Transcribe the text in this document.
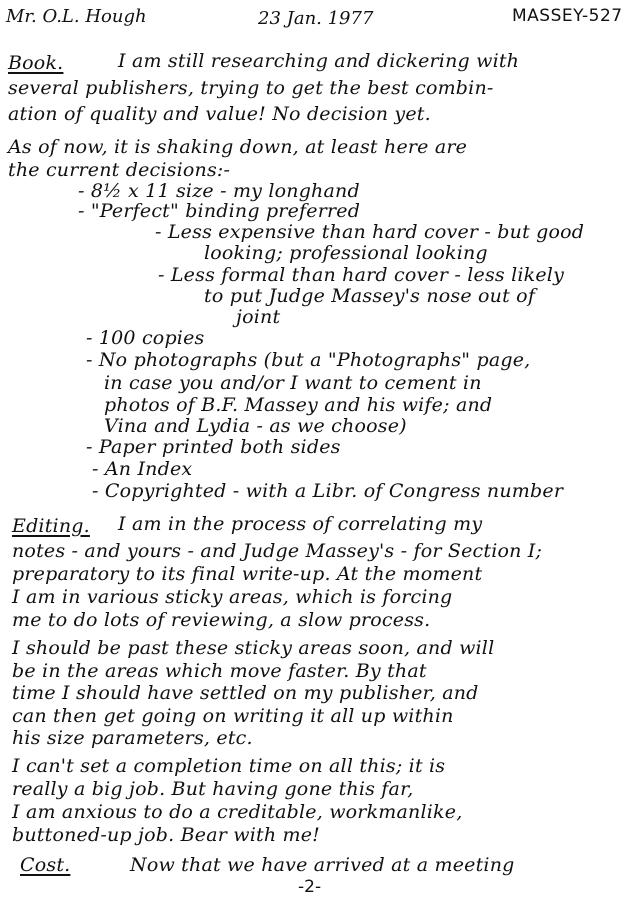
Mr. O.L. Hough	23 Jan. 1977	MASSEY-527
Book.	I am still researching and dickering with
several publishers, trying to get the best combin-
ation of quality and value! No decision yet.
As of now, it is shaking down, at least here are
the current decisions:-
- 8½ x 11 size - my longhand
- "Perfect" binding preferred
- Less expensive than hard cover - but good
looking; professional looking
- Less formal than hard cover - less likely
to put Judge Massey's nose out of
joint
- 100 copies
- No photographs (but a "Photographs" page,
in case you and/or I want to cement in
photos of B.F. Massey and his wife; and
Vina and Lydia - as we choose)
- Paper printed both sides
- An Index
- Copyrighted - with a Libr. of Congress number
Editing. I am in the process of correlating my
notes - and yours - and Judge Massey's - for Section I;
preparatory to its final write-up. At the moment
I am in various sticky areas, which is forcing
me to do lots of reviewing, a slow process.
I should be past these sticky areas soon, and will
be in the areas which move faster. By that
time I should have settled on my publisher, and
can then get going on writing it all up within
his size parameters, etc.
I can't set a completion time on all this; it is
really a big job. But having gone this far,
I am anxious to do a creditable, workmanlike,
buttoned-up job. Bear with me!
Cost.	Now that we have arrived at a meeting
-2-
